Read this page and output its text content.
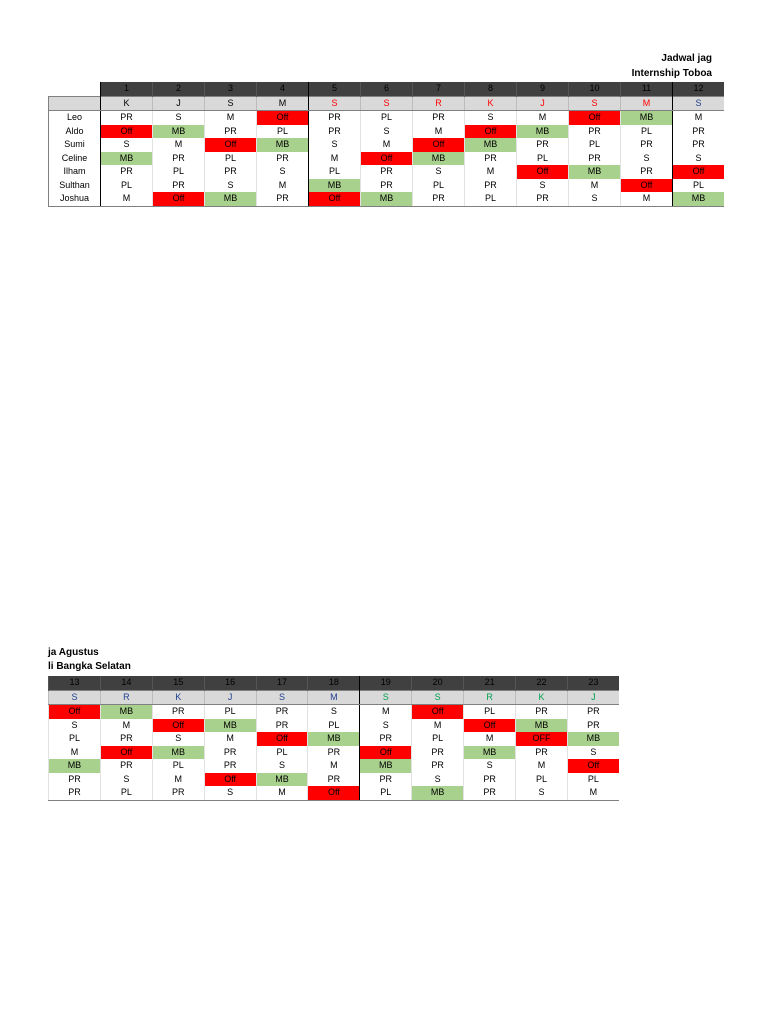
Jadwal jag
Internship Toboa
	1	2	3	4	5	6	7	8	9	10	11	12
	K	J	S	M	S	S	R	K	J	S	M	S
Leo	PR	S	M	Off	PR	PL	PR	S	M	Off	MB	M
Aldo	Off	MB	PR	PL	PR	S	M	Off	MB	PR	PL	PR
Sumi	S	M	Off	MB	S	M	Off	MB	PR	PL	PR	PR
Celine	MB	PR	PL	PR	M	Off	MB	PR	PL	PR	S	S
Ilham	PR	PL	PR	S	PL	PR	S	M	Off	MB	PR	Off
Sulthan	PL	PR	S	M	MB	PR	PL	PR	S	M	Off	PL
Joshua	M	Off	MB	PR	Off	MB	PR	PL	PR	S	M	MB
ja Agustus
li Bangka Selatan
13	14	15	16	17	18	19	20	21	22	23
S	R	K	J	S	M	S	S	R	K	J
Off	MB	PR	PL	PR	S	M	Off	PL	PR	PR
S	M	Off	MB	PR	PL	S	M	Off	MB	PR
PL	PR	S	M	Off	MB	PR	PL	M	OFF	MB
M	Off	MB	PR	PL	PR	Off	PR	MB	PR	S
MB	PR	PL	PR	S	M	MB	PR	S	M	Off
PR	S	M	Off	MB	PR	PR	S	PR	PL	PL
PR	PL	PR	S	M	Off	PL	MB	PR	S	M
